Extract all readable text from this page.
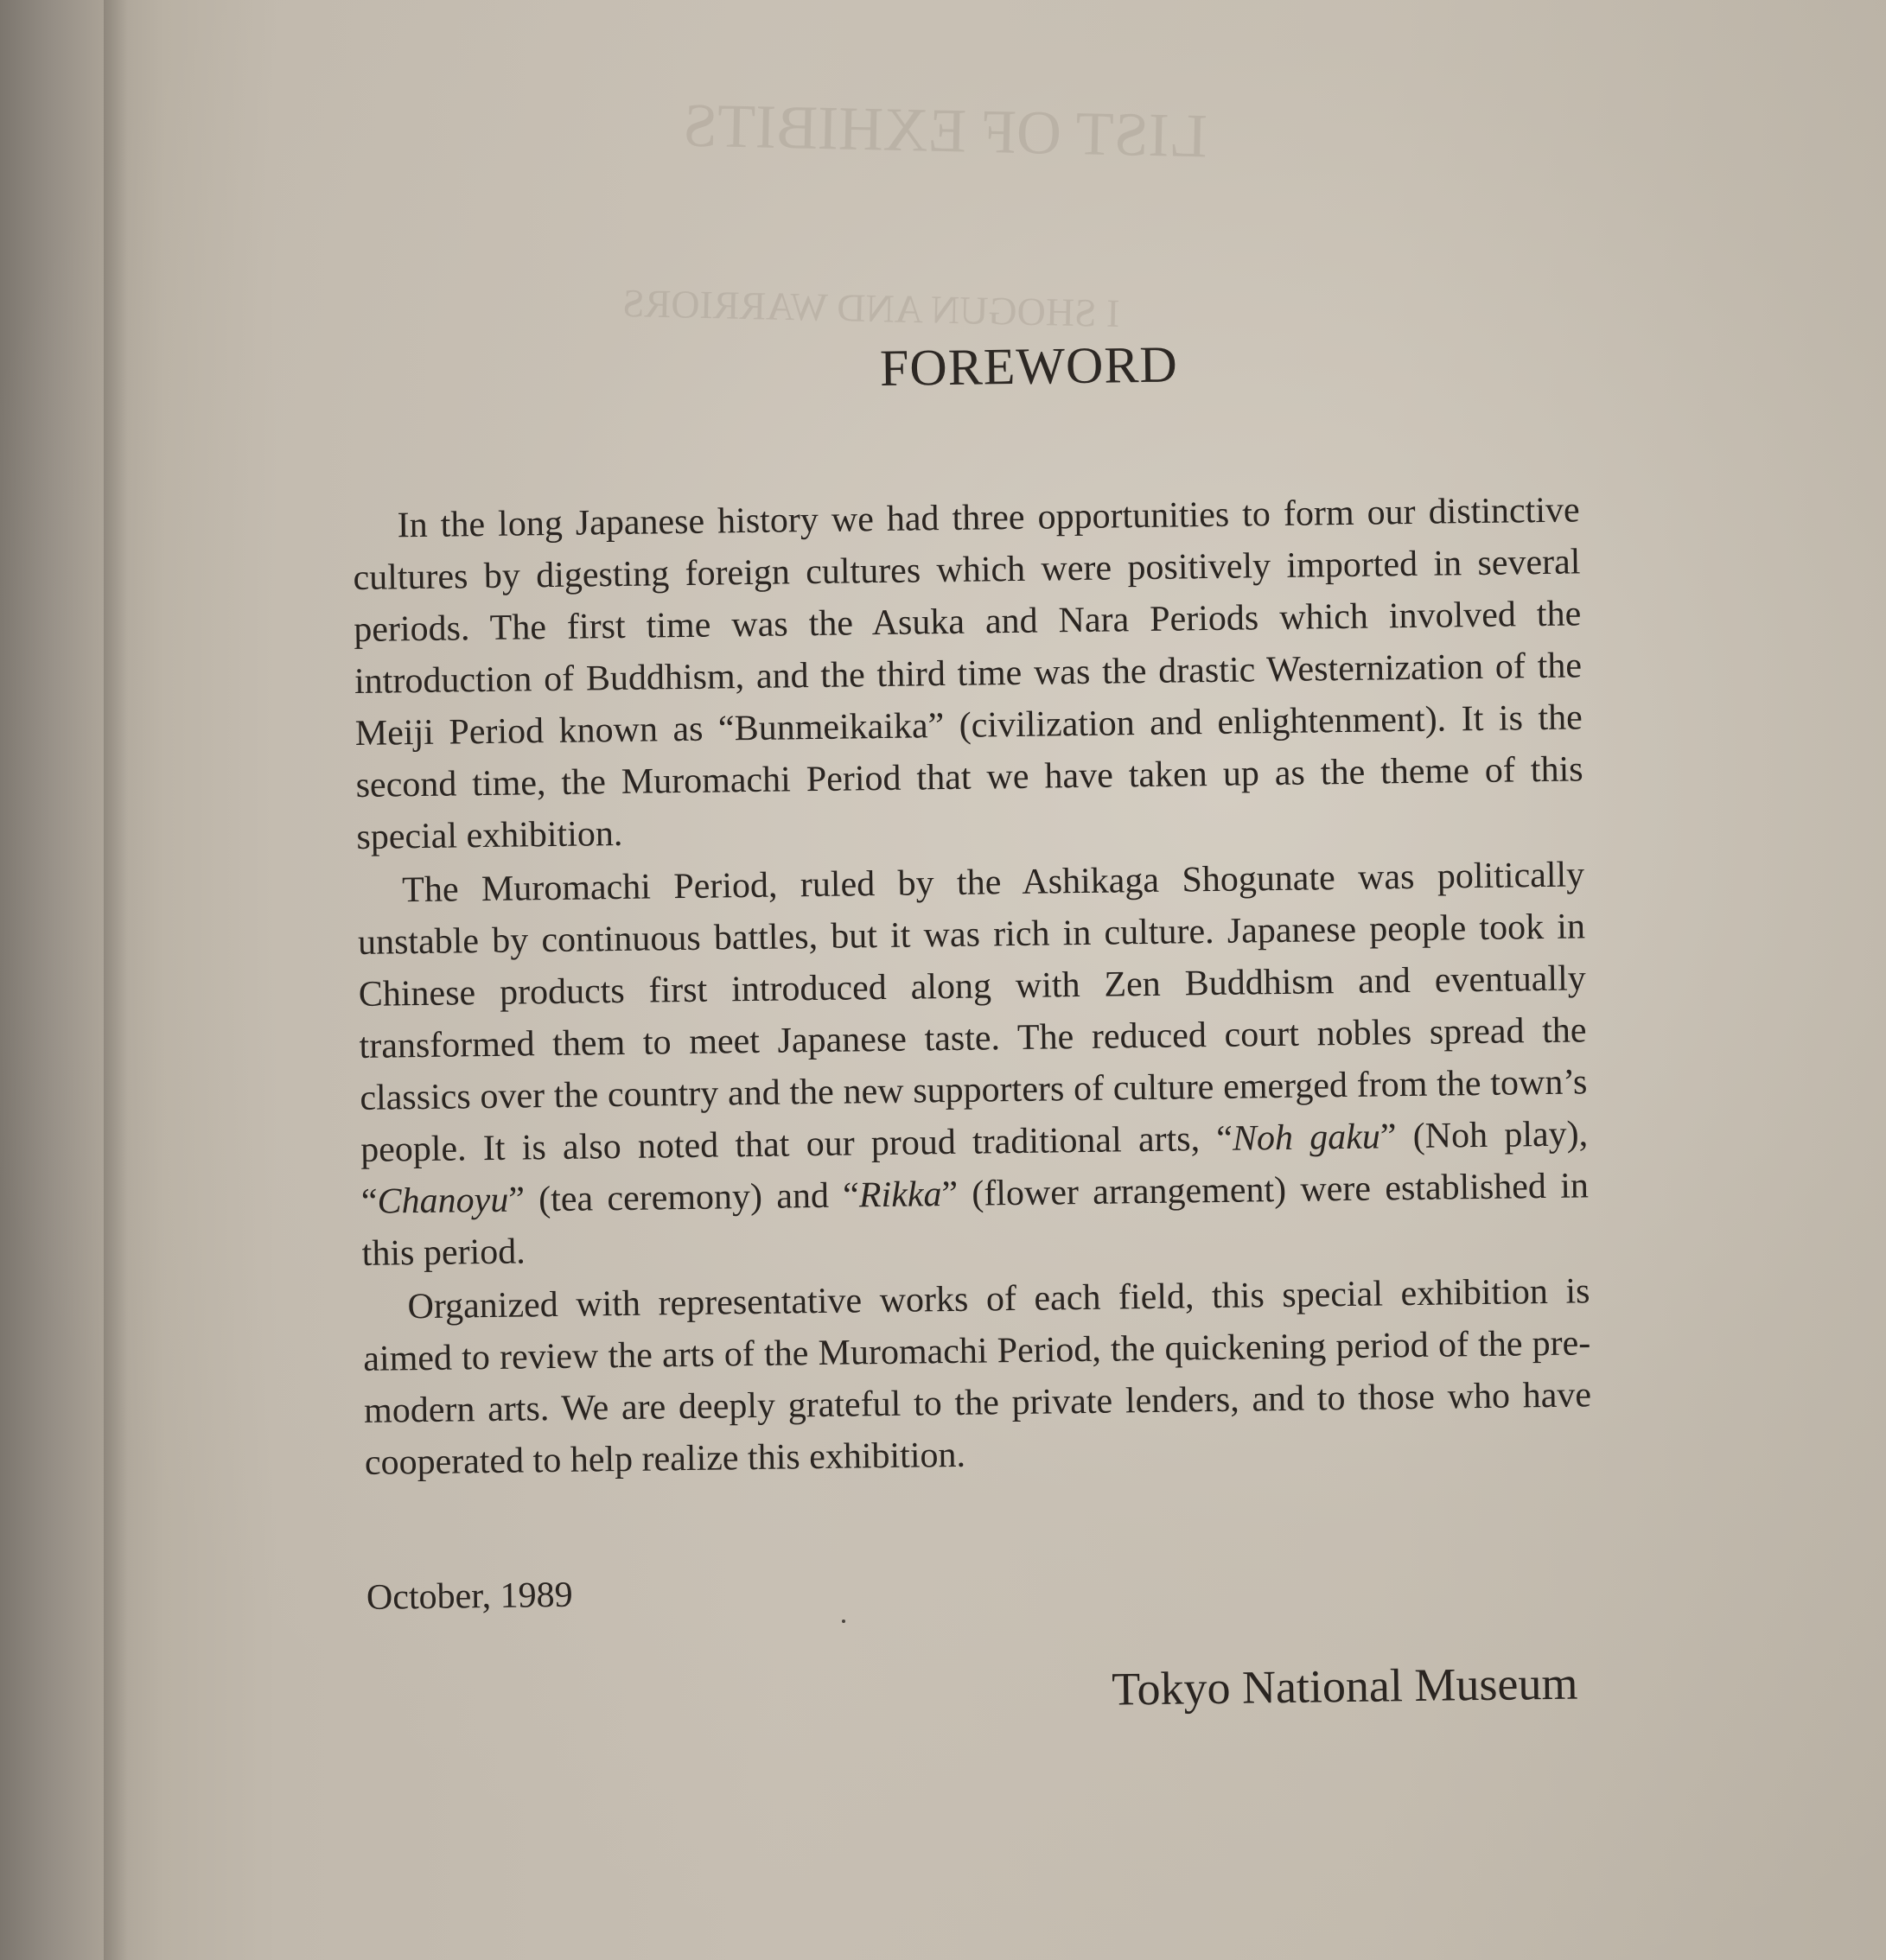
LIST OF EXHIBITS
I SHOGUN AND WARRIORS
FOREWORD

In the long Japanese history we had three opportunities to form our distinctive cultures by digesting foreign cultures which were positively imported in several periods. The first time was the Asuka and Nara Periods which involved the introduction of Buddhism, and the third time was the drastic Westernization of the Meiji Period known as “Bunmeikaika” (civilization and enlightenment). It is the second time, the Muromachi Period that we have taken up as the theme of this special exhibition.

The Muromachi Period, ruled by the Ashikaga Shogunate was politically unstable by continuous battles, but it was rich in culture. Japanese people took in Chinese products first introduced along with Zen Buddhism and eventually transformed them to meet Japanese taste. The reduced court nobles spread the classics over the country and the new supporters of culture emerged from the town’s people. It is also noted that our proud traditional arts, “Noh gaku” (Noh play), “Chanoyu” (tea ceremony) and “Rikka” (flower arrangement) were established in this period.

Organized with representative works of each field, this special exhibition is aimed to review the arts of the Muromachi Period, the quickening period of the pre-modern arts. We are deeply grateful to the private lenders, and to those who have cooperated to help realize this exhibition.

October, 1989
Tokyo National Museum
